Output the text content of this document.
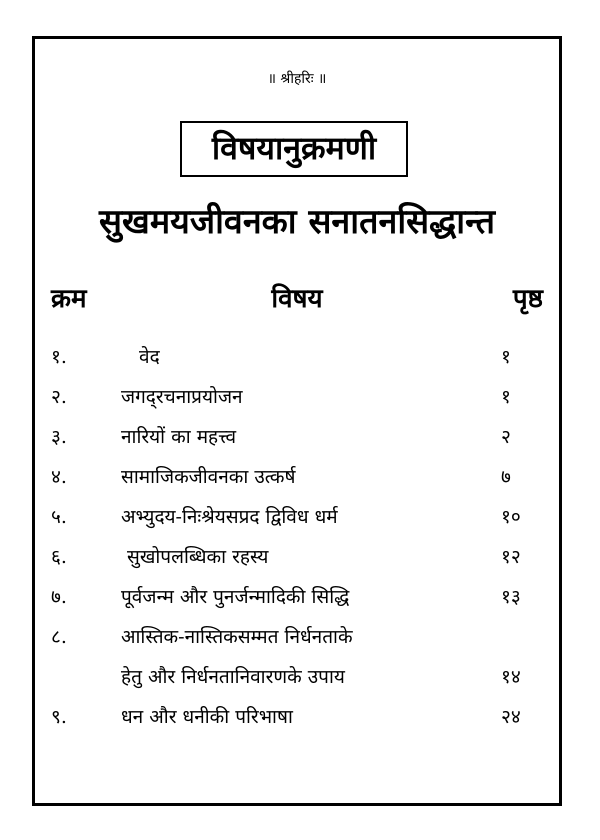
॥ श्रीहरिः ॥
विषयानुक्रमणी
सुखमयजीवनका सनातनसिद्धान्त
क्रम	विषय	पृष्ठ
१.	वेद	१
२.	जगद्‌रचनाप्रयोजन	१
३.	नारियों का महत्त्व	२
४.	सामाजिकजीवनका उत्कर्ष	७
५.	अभ्युदय-निःश्रेयसप्रद द्विविध धर्म	१०
६.	सुखोपलब्धिका रहस्य	१२
७.	पूर्वजन्म और पुनर्जन्मादिकी सिद्धि	१३
८.	आस्तिक-नास्तिकसम्मत निर्धनताके
हेतु और निर्धनतानिवारणके उपाय	१४
९.	धन और धनीकी परिभाषा	२४
